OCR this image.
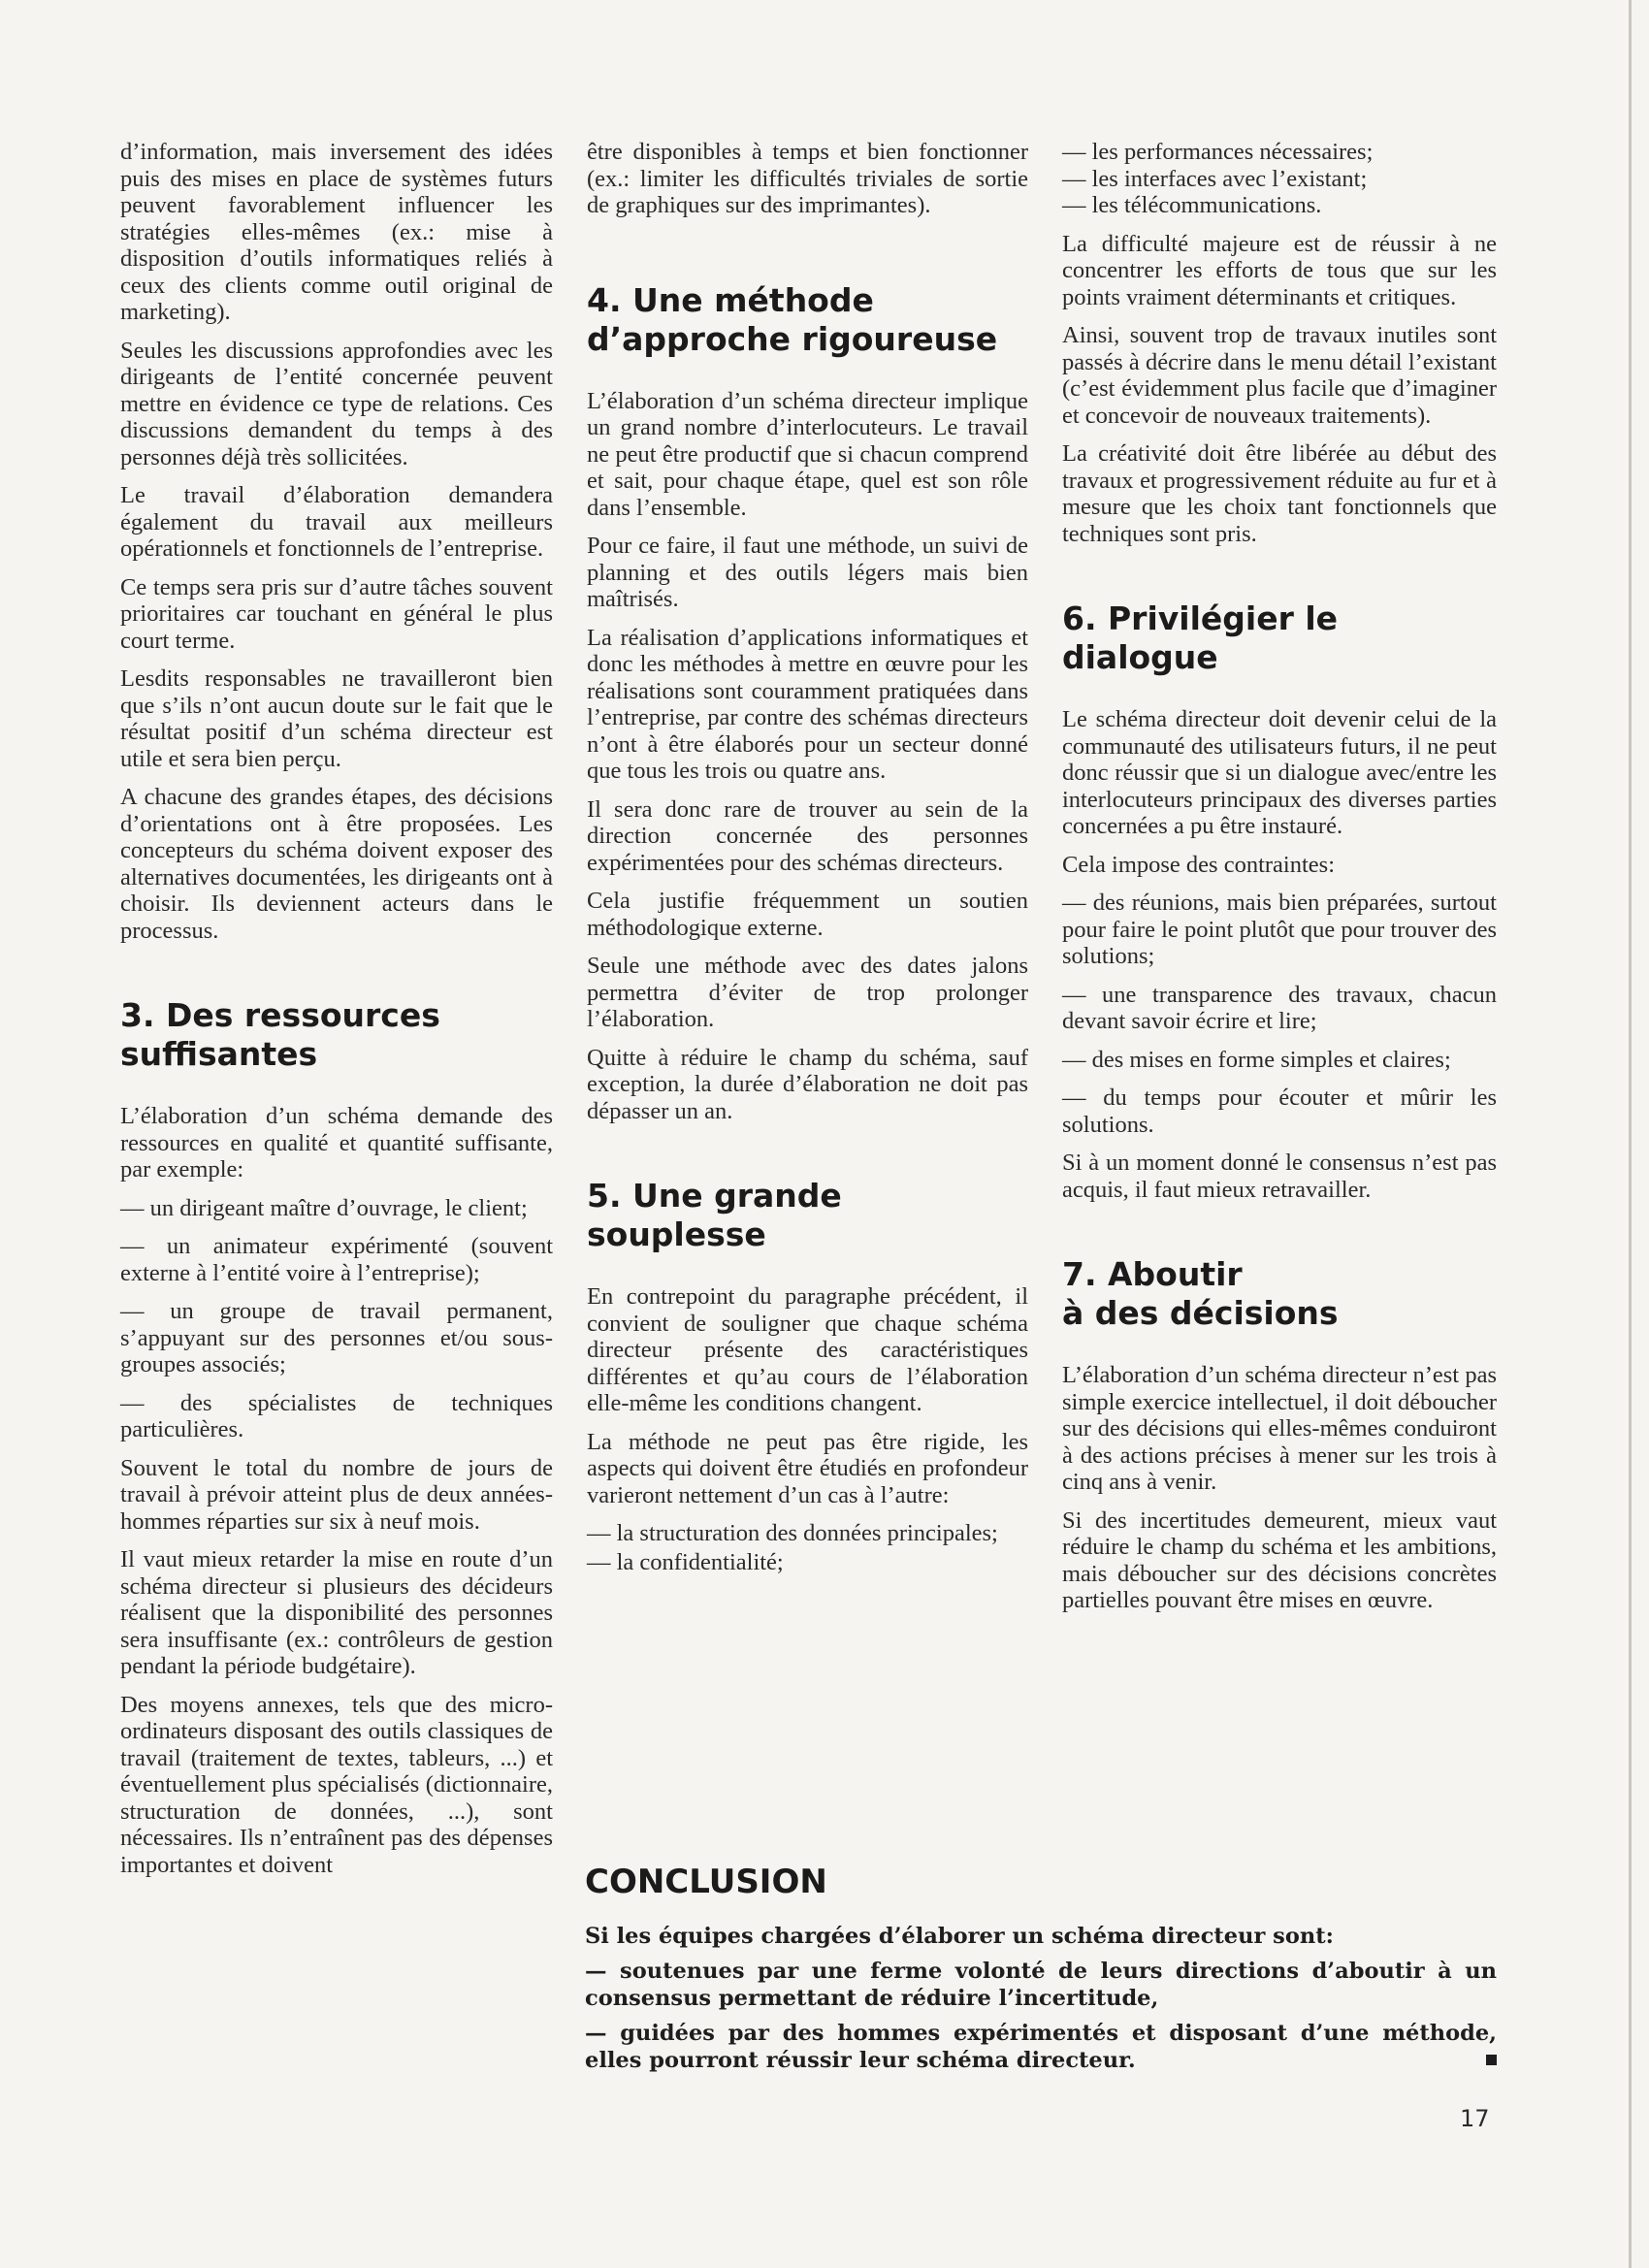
d’information, mais inversement des idées puis des mises en place de systèmes futurs peuvent favorablement influencer les stratégies elles-mêmes (ex.: mise à disposition d’outils informatiques reliés à ceux des clients comme outil original de marketing).

Seules les discussions approfondies avec les dirigeants de l’entité concernée peuvent mettre en évidence ce type de relations. Ces discussions demandent du temps à des personnes déjà très sollicitées.

Le travail d’élaboration demandera également du travail aux meilleurs opérationnels et fonctionnels de l’entreprise.

Ce temps sera pris sur d’autre tâches souvent prioritaires car touchant en général le plus court terme.

Lesdits responsables ne travailleront bien que s’ils n’ont aucun doute sur le fait que le résultat positif d’un schéma directeur est utile et sera bien perçu.

A chacune des grandes étapes, des décisions d’orientations ont à être proposées. Les concepteurs du schéma doivent exposer des alternatives documentées, les dirigeants ont à choisir. Ils deviennent acteurs dans le processus.

3. Des ressources
suffisantes

L’élaboration d’un schéma demande des ressources en qualité et quantité suffisante, par exemple:

— un dirigeant maître d’ouvrage, le client;

— un animateur expérimenté (souvent externe à l’entité voire à l’entreprise);

— un groupe de travail permanent, s’appuyant sur des personnes et/ou sous-groupes associés;

— des spécialistes de techniques particulières.

Souvent le total du nombre de jours de travail à prévoir atteint plus de deux années-hommes réparties sur six à neuf mois.

Il vaut mieux retarder la mise en route d’un schéma directeur si plusieurs des décideurs réalisent que la disponibilité des personnes sera insuffisante (ex.: contrôleurs de gestion pendant la période budgétaire).

Des moyens annexes, tels que des micro-ordinateurs disposant des outils classiques de travail (traitement de textes, tableurs, ...) et éventuellement plus spécialisés (dictionnaire, structuration de données, ...), sont nécessaires. Ils n’entraînent pas des dépenses importantes et doivent

être disponibles à temps et bien fonctionner (ex.: limiter les difficultés triviales de sortie de graphiques sur des imprimantes).

4. Une méthode
d’approche rigoureuse

L’élaboration d’un schéma directeur implique un grand nombre d’interlocuteurs. Le travail ne peut être productif que si chacun comprend et sait, pour chaque étape, quel est son rôle dans l’ensemble.

Pour ce faire, il faut une méthode, un suivi de planning et des outils légers mais bien maîtrisés.

La réalisation d’applications informatiques et donc les méthodes à mettre en œuvre pour les réalisations sont couramment pratiquées dans l’entreprise, par contre des schémas directeurs n’ont à être élaborés pour un secteur donné que tous les trois ou quatre ans.

Il sera donc rare de trouver au sein de la direction concernée des personnes expérimentées pour des schémas directeurs.

Cela justifie fréquemment un soutien méthodologique externe.

Seule une méthode avec des dates jalons permettra d’éviter de trop prolonger l’élaboration.

Quitte à réduire le champ du schéma, sauf exception, la durée d’élaboration ne doit pas dépasser un an.

5. Une grande
souplesse

En contrepoint du paragraphe précédent, il convient de souligner que chaque schéma directeur présente des caractéristiques différentes et qu’au cours de l’élaboration elle-même les conditions changent.

La méthode ne peut pas être rigide, les aspects qui doivent être étudiés en profondeur varieront nettement d’un cas à l’autre:

— la structuration des données principales;

— la confidentialité;

— les performances nécessaires;
— les interfaces avec l’existant;
— les télécommunications.

La difficulté majeure est de réussir à ne concentrer les efforts de tous que sur les points vraiment déterminants et critiques.

Ainsi, souvent trop de travaux inutiles sont passés à décrire dans le menu détail l’existant (c’est évidemment plus facile que d’imaginer et concevoir de nouveaux traitements).

La créativité doit être libérée au début des travaux et progressivement réduite au fur et à mesure que les choix tant fonctionnels que techniques sont pris.

6. Privilégier le dialogue

Le schéma directeur doit devenir celui de la communauté des utilisateurs futurs, il ne peut donc réussir que si un dialogue avec/entre les interlocuteurs principaux des diverses parties concernées a pu être instauré.

Cela impose des contraintes:

— des réunions, mais bien préparées, surtout pour faire le point plutôt que pour trouver des solutions;

— une transparence des travaux, chacun devant savoir écrire et lire;

— des mises en forme simples et claires;

— du temps pour écouter et mûrir les solutions.

Si à un moment donné le consensus n’est pas acquis, il faut mieux retravailler.

7. Aboutir
à des décisions

L’élaboration d’un schéma directeur n’est pas simple exercice intellectuel, il doit déboucher sur des décisions qui elles-mêmes conduiront à des actions précises à mener sur les trois à cinq ans à venir.

Si des incertitudes demeurent, mieux vaut réduire le champ du schéma et les ambitions, mais déboucher sur des décisions concrètes partielles pouvant être mises en œuvre.

CONCLUSION

Si les équipes chargées d’élaborer un schéma directeur sont:

— soutenues par une ferme volonté de leurs directions d’aboutir à un consensus permettant de réduire l’incertitude,

— guidées par des hommes expérimentés et disposant d’une méthode, elles pourront réussir leur schéma directeur.

17
